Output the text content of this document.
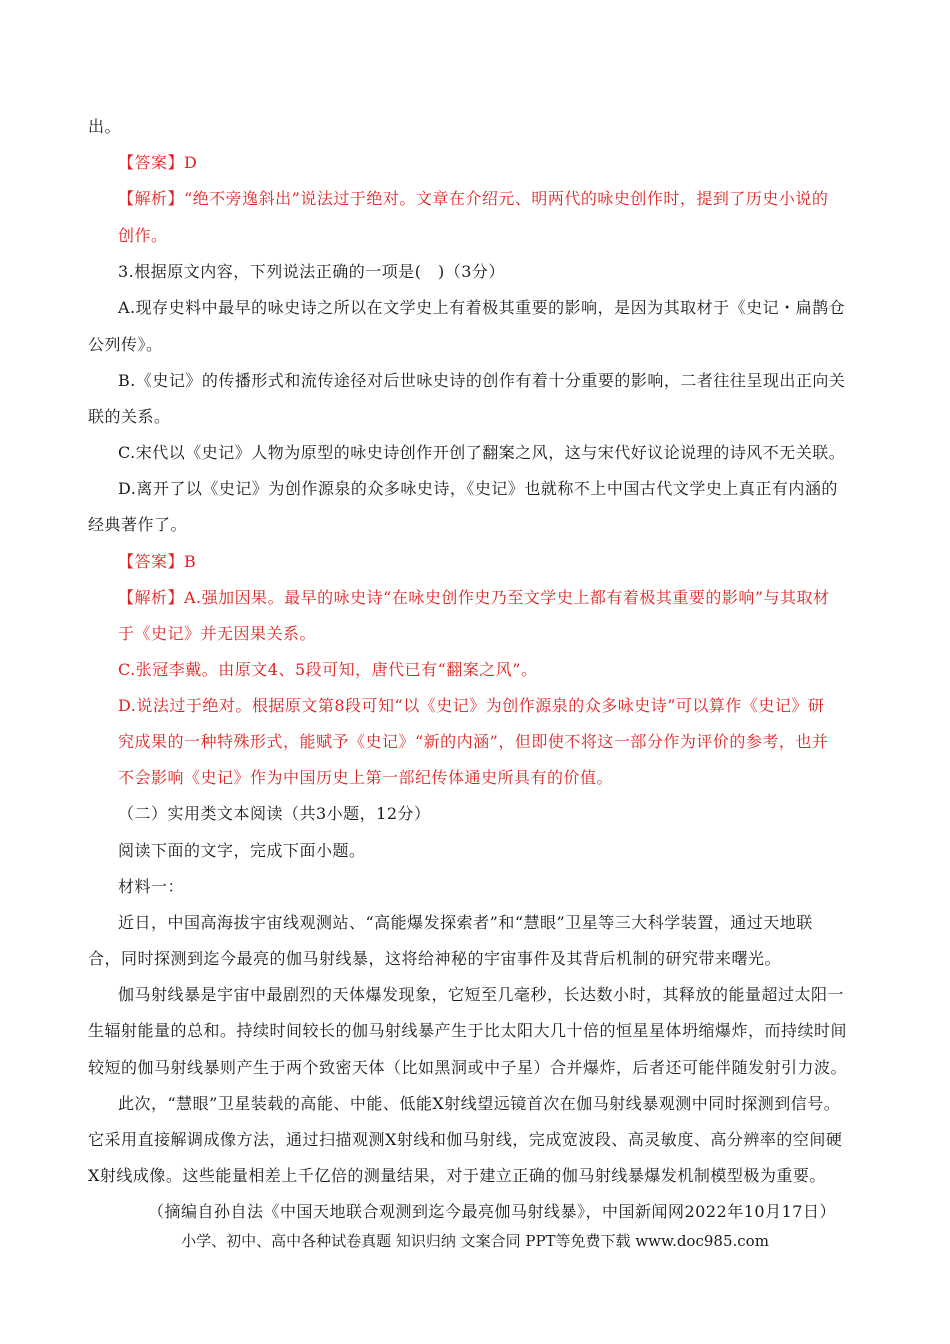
出。
【答案】D
【解析】“绝不旁逸斜出”说法过于绝对。文章在介绍元、明两代的咏史创作时，提到了历史小说的
创作。
3.根据原文内容，下列说法正确的一项是(　)（3分）
A.现存史料中最早的咏史诗之所以在文学史上有着极其重要的影响，是因为其取材于《史记・扁鹊仓
公列传》。
B.《史记》的传播形式和流传途径对后世咏史诗的创作有着十分重要的影响，二者往往呈现出正向关
联的关系。
C.宋代以《史记》人物为原型的咏史诗创作开创了翻案之风，这与宋代好议论说理的诗风不无关联。
D.离开了以《史记》为创作源泉的众多咏史诗，《史记》也就称不上中国古代文学史上真正有内涵的
经典著作了。
【答案】B
【解析】A.强加因果。最早的咏史诗“在咏史创作史乃至文学史上都有着极其重要的影响”与其取材
于《史记》并无因果关系。
C.张冠李戴。由原文4、5段可知，唐代已有“翻案之风”。
D.说法过于绝对。根据原文第8段可知“以《史记》为创作源泉的众多咏史诗”可以算作《史记》研
究成果的一种特殊形式，能赋予《史记》“新的内涵”，但即使不将这一部分作为评价的参考，也并
不会影响《史记》作为中国历史上第一部纪传体通史所具有的价值。
（二）实用类文本阅读（共3小题，12分）
阅读下面的文字，完成下面小题。
材料一：
近日，中国高海拔宇宙线观测站、“高能爆发探索者”和“慧眼”卫星等三大科学装置，通过天地联
合，同时探测到迄今最亮的伽马射线暴，这将给神秘的宇宙事件及其背后机制的研究带来曙光。
伽马射线暴是宇宙中最剧烈的天体爆发现象，它短至几毫秒，长达数小时，其释放的能量超过太阳一
生辐射能量的总和。持续时间较长的伽马射线暴产生于比太阳大几十倍的恒星星体坍缩爆炸，而持续时间
较短的伽马射线暴则产生于两个致密天体（比如黑洞或中子星）合并爆炸，后者还可能伴随发射引力波。
此次，“慧眼”卫星装载的高能、中能、低能X射线望远镜首次在伽马射线暴观测中同时探测到信号。
它采用直接解调成像方法，通过扫描观测X射线和伽马射线，完成宽波段、高灵敏度、高分辨率的空间硬
X射线成像。这些能量相差上千亿倍的测量结果，对于建立正确的伽马射线暴爆发机制模型极为重要。
（摘编自孙自法《中国天地联合观测到迄今最亮伽马射线暴》，中国新闻网2022年10月17日）
小学、初中、高中各种试卷真题 知识归纳 文案合同 PPT等免费下载 www.doc985.com
